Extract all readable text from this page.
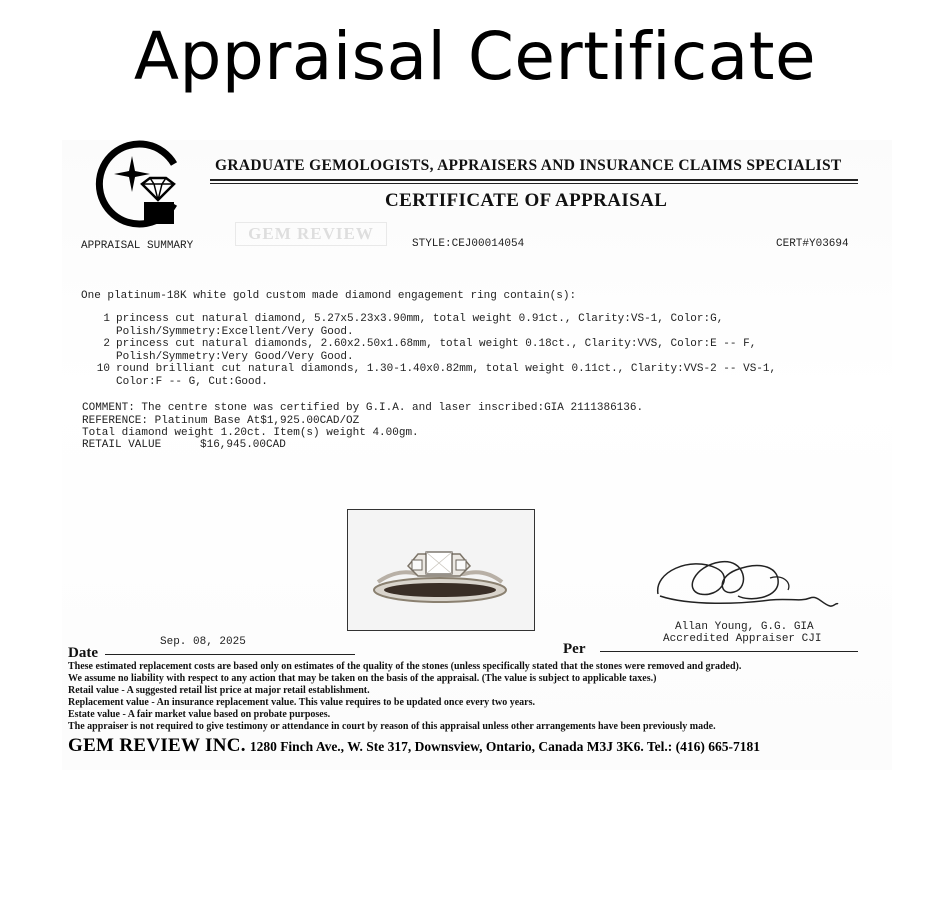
Appraisal Certificate
GEM REVIEW
GRADUATE GEMOLOGISTS, APPRAISERS AND INSURANCE CLAIMS SPECIALIST
CERTIFICATE OF APPRAISAL
APPRAISAL SUMMARY	STYLE:CEJ00014054	CERT#Y03694
One platinum-18K white gold custom made diamond engagement ring contain(s):
1 princess cut natural diamond, 5.27x5.23x3.90mm, total weight 0.91ct., Clarity:VS-1, Color:G,
Polish/Symmetry:Excellent/Very Good.
2 princess cut natural diamonds, 2.60x2.50x1.68mm, total weight 0.18ct., Clarity:VVS, Color:E -- F,
Polish/Symmetry:Very Good/Very Good.
10 round brilliant cut natural diamonds, 1.30-1.40x0.82mm, total weight 0.11ct., Clarity:VVS-2 -- VS-1,
Color:F -- G, Cut:Good.
COMMENT: The centre stone was certified by G.I.A. and laser inscribed:GIA 2111386136.
REFERENCE: Platinum Base At$1,925.00CAD/OZ
Total diamond weight 1.20ct. Item(s) weight 4.00gm.
RETAIL VALUE	$16,945.00CAD
Allan Young, G.G. GIA
Accredited Appraiser CJI
Date
Sep. 08, 2025	Per
These estimated replacement costs are based only on estimates of the quality of the stones (unless specifically stated that the stones were removed and graded).
We assume no liability with respect to any action that may be taken on the basis of the appraisal. (The value is subject to applicable taxes.)
Retail value - A suggested retail list price at major retail establishment.
Replacement value - An insurance replacement value. This value requires to be updated once every two years.
Estate value - A fair market value based on probate purposes.
The appraiser is not required to give testimony or attendance in court by reason of this appraisal unless other arrangements have been previously made.
GEM REVIEW INC. 1280 Finch Ave., W. Ste 317, Downsview, Ontario, Canada M3J 3K6. Tel.: (416) 665-7181
